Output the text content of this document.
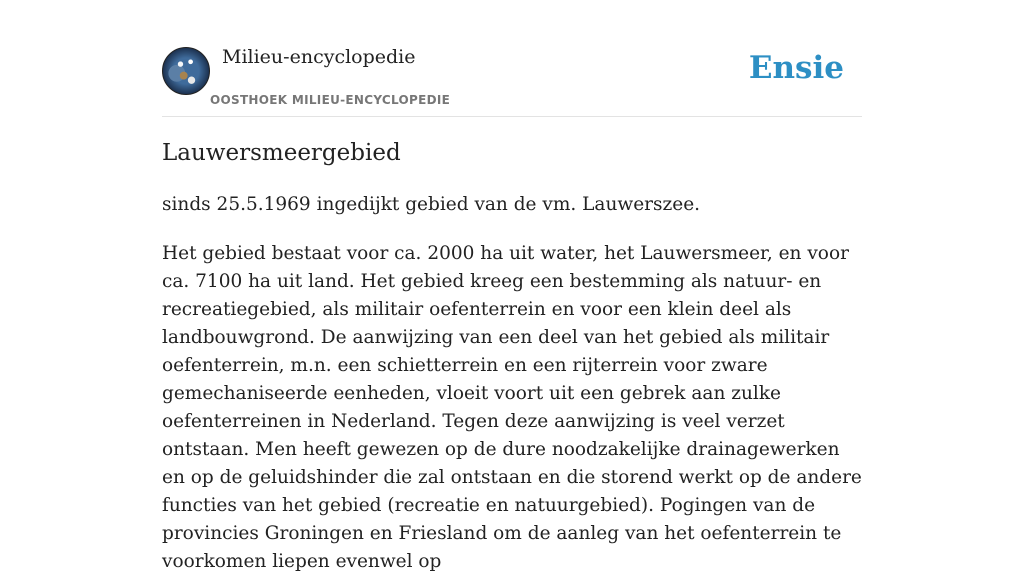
Milieu-encyclopedie
OOSTHOEK MILIEU-ENCYCLOPEDIE
Ensie
Lauwersmeergebied

sinds 25.5.1969 ingedijkt gebied van de vm. Lauwerszee.

Het gebied bestaat voor ca. 2000 ha uit water, het Lauwersmeer, en voor ca. 7100 ha uit land. Het gebied kreeg een bestemming als natuur- en recreatiegebied, als militair oefenterrein en voor een klein deel als landbouwgrond. De aanwijzing van een deel van het gebied als militair oefenterrein, m.n. een schietterrein en een rijterrein voor zware gemechaniseerde eenheden, vloeit voort uit een gebrek aan zulke oefenterreinen in Nederland. Tegen deze aanwijzing is veel verzet ontstaan. Men heeft gewezen op de dure noodzakelijke drainagewerken en op de geluidshinder die zal ontstaan en die storend werkt op de andere functies van het gebied (recreatie en natuurgebied). Pogingen van de provincies Groningen en Friesland om de aanleg van het oefenterrein te voorkomen liepen evenwel op
